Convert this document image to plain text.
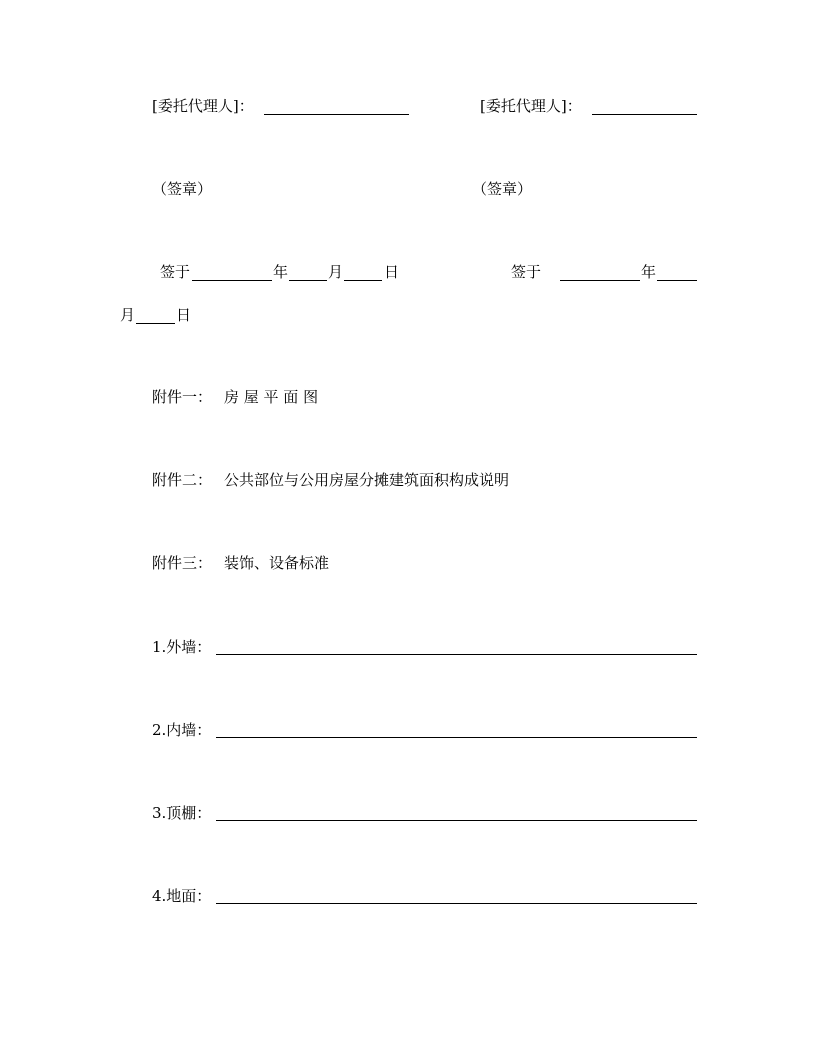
[委托代理人]：	[委托代理人]：
（签章）	（签章）
签于	年	月	日	签于	年
月	日
附件一： 房 屋 平 面 图
附件二： 公共部位与公用房屋分摊建筑面积构成说明
附件三： 装饰、设备标准
1.外墙：
2.内墙：
3.顶棚：
4.地面：
